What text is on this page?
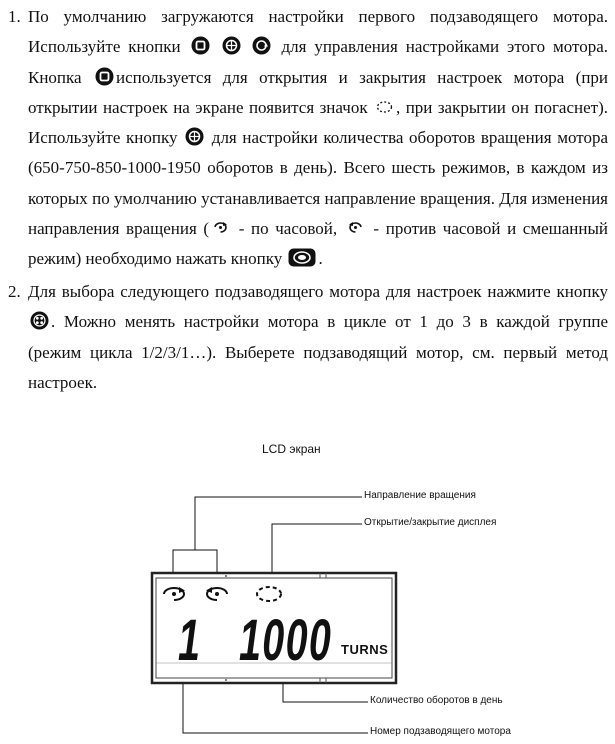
1. По умолчанию загружаются настройки первого подзаводящего мотора. Используйте кнопки

	для управления настройками этого мотора. Кнопка используется для открытия и закрытия настроек мотора (при открытии настроек на экране появится значок , при закрытии он погаснет). Используйте кнопку для настройки количества оборотов вращения мотора (650-750-850-1000-1950 оборотов в день). Всего шесть режимов, в каждом из которых по умолчанию устанавливается направление вращения. Для изменения направления вращения ( - по часовой, - против часовой и смешанный режим) необходимо нажать кнопку .
2. Для выбора следующего подзаводящего мотора для настроек нажмите кнопку
. Можно менять настройки мотора в цикле от 1 до 3 в каждой группе (режим цикла 1/2/3/1…). Выберете подзаводящий мотор, см. первый метод настроек.
LCD экран
Направление вращения
Открытие/закрытие дисплея
Количество оборотов в день
Номер подзаводящего мотора
1 1000 TURNS
